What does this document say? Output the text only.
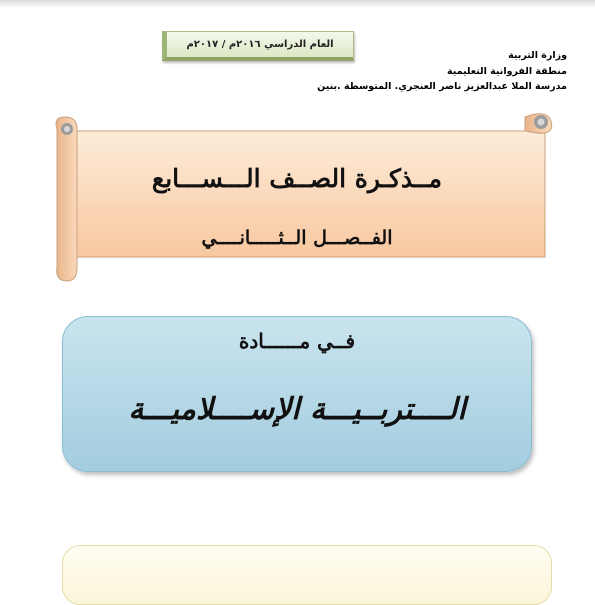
العام الدراسي ٢٠١٦م / ٢٠١٧م
وزارة التربية
منطقة الفروانية التعليمية
مدرسة الملا عبدالعزيز ناصر العنجري. المتوسطة .بنين
مــذكـرة الصــف الـــســـابع
الفــصـــل الــثـــــانــــي
فــي مــــــادة
الــــتربــيـــة الإســــلاميـــة
